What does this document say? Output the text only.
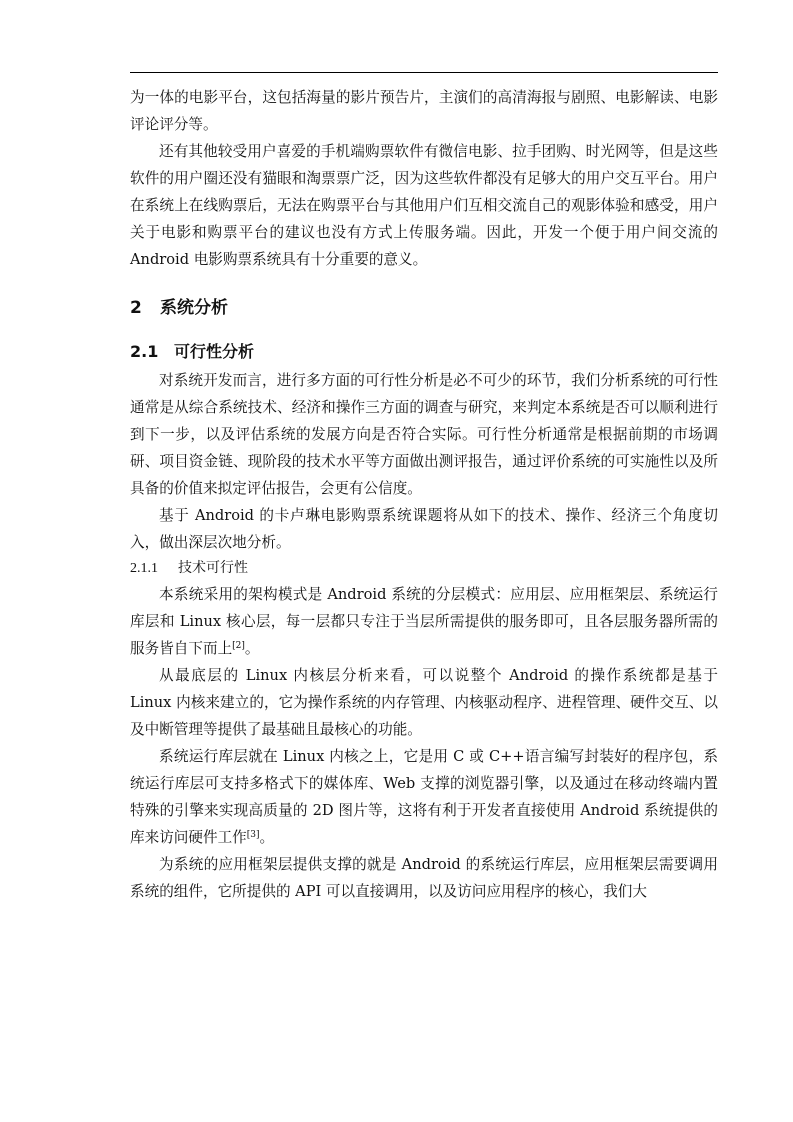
为一体的电影平台，这包括海量的影片预告片，主演们的高清海报与剧照、电影解读、电影评论评分等。

还有其他较受用户喜爱的手机端购票软件有微信电影、拉手团购、时光网等，但是这些软件的用户圈还没有猫眼和淘票票广泛，因为这些软件都没有足够大的用户交互平台。用户在系统上在线购票后，无法在购票平台与其他用户们互相交流自己的观影体验和感受，用户关于电影和购票平台的建议也没有方式上传服务端。因此，开发一个便于用户间交流的 Android 电影购票系统具有十分重要的意义。

2 系统分析
2.1 可行性分析

对系统开发而言，进行多方面的可行性分析是必不可少的环节，我们分析系统的可行性通常是从综合系统技术、经济和操作三方面的调查与研究，来判定本系统是否可以顺利进行到下一步，以及评估系统的发展方向是否符合实际。可行性分析通常是根据前期的市场调研、项目资金链、现阶段的技术水平等方面做出测评报告，通过评价系统的可实施性以及所具备的价值来拟定评估报告，会更有公信度。

基于 Android 的卡卢琳电影购票系统课题将从如下的技术、操作、经济三个角度切入，做出深层次地分析。

2.1.1 技术可行性

本系统采用的架构模式是 Android 系统的分层模式：应用层、应用框架层、系统运行库层和 Linux 核心层，每一层都只专注于当层所需提供的服务即可，且各层服务器所需的服务皆自下而上[2]。

从最底层的 Linux 内核层分析来看，可以说整个 Android 的操作系统都是基于 Linux 内核来建立的，它为操作系统的内存管理、内核驱动程序、进程管理、硬件交互、以及中断管理等提供了最基础且最核心的功能。

系统运行库层就在 Linux 内核之上，它是用 C 或 C++语言编写封装好的程序包，系统运行库层可支持多格式下的媒体库、Web 支撑的浏览器引擎，以及通过在移动终端内置特殊的引擎来实现高质量的 2D 图片等，这将有利于开发者直接使用 Android 系统提供的库来访问硬件工作[3]。

为系统的应用框架层提供支撑的就是 Android 的系统运行库层，应用框架层需要调用系统的组件，它所提供的 API 可以直接调用，以及访问应用程序的核心，我们大
